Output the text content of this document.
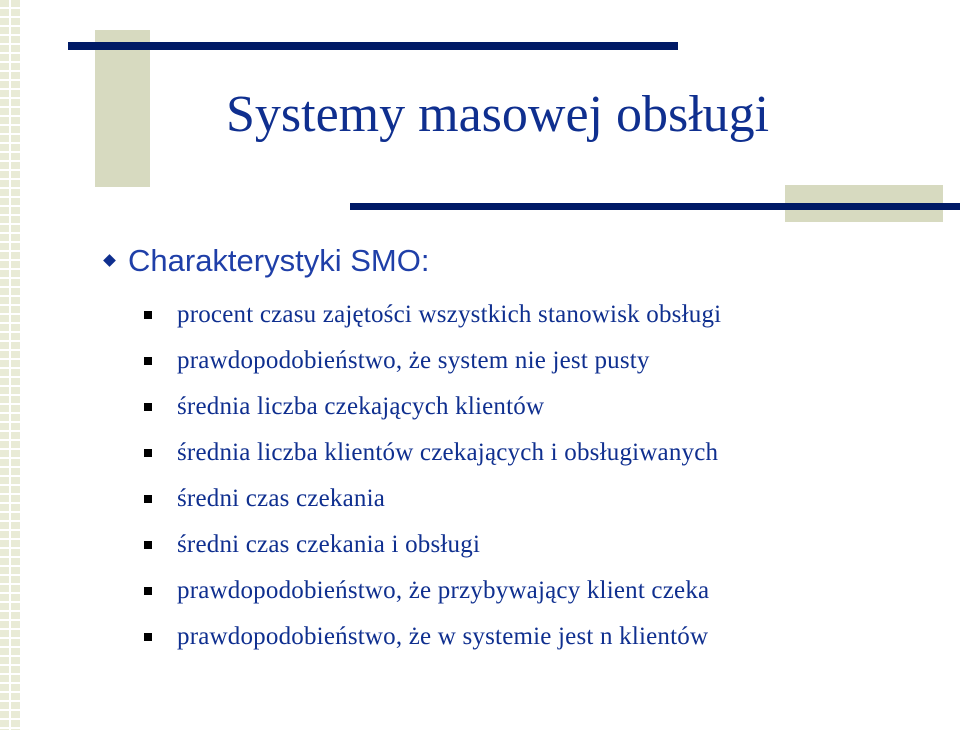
Systemy masowej obsługi
Charakterystyki SMO:
procent czasu zajętości wszystkich stanowisk obsługi
prawdopodobieństwo, że system nie jest pusty
średnia liczba czekających klientów
średnia liczba klientów czekających i obsługiwanych
średni czas czekania
średni czas czekania i obsługi
prawdopodobieństwo, że przybywający klient czeka
prawdopodobieństwo, że w systemie jest n klientów
